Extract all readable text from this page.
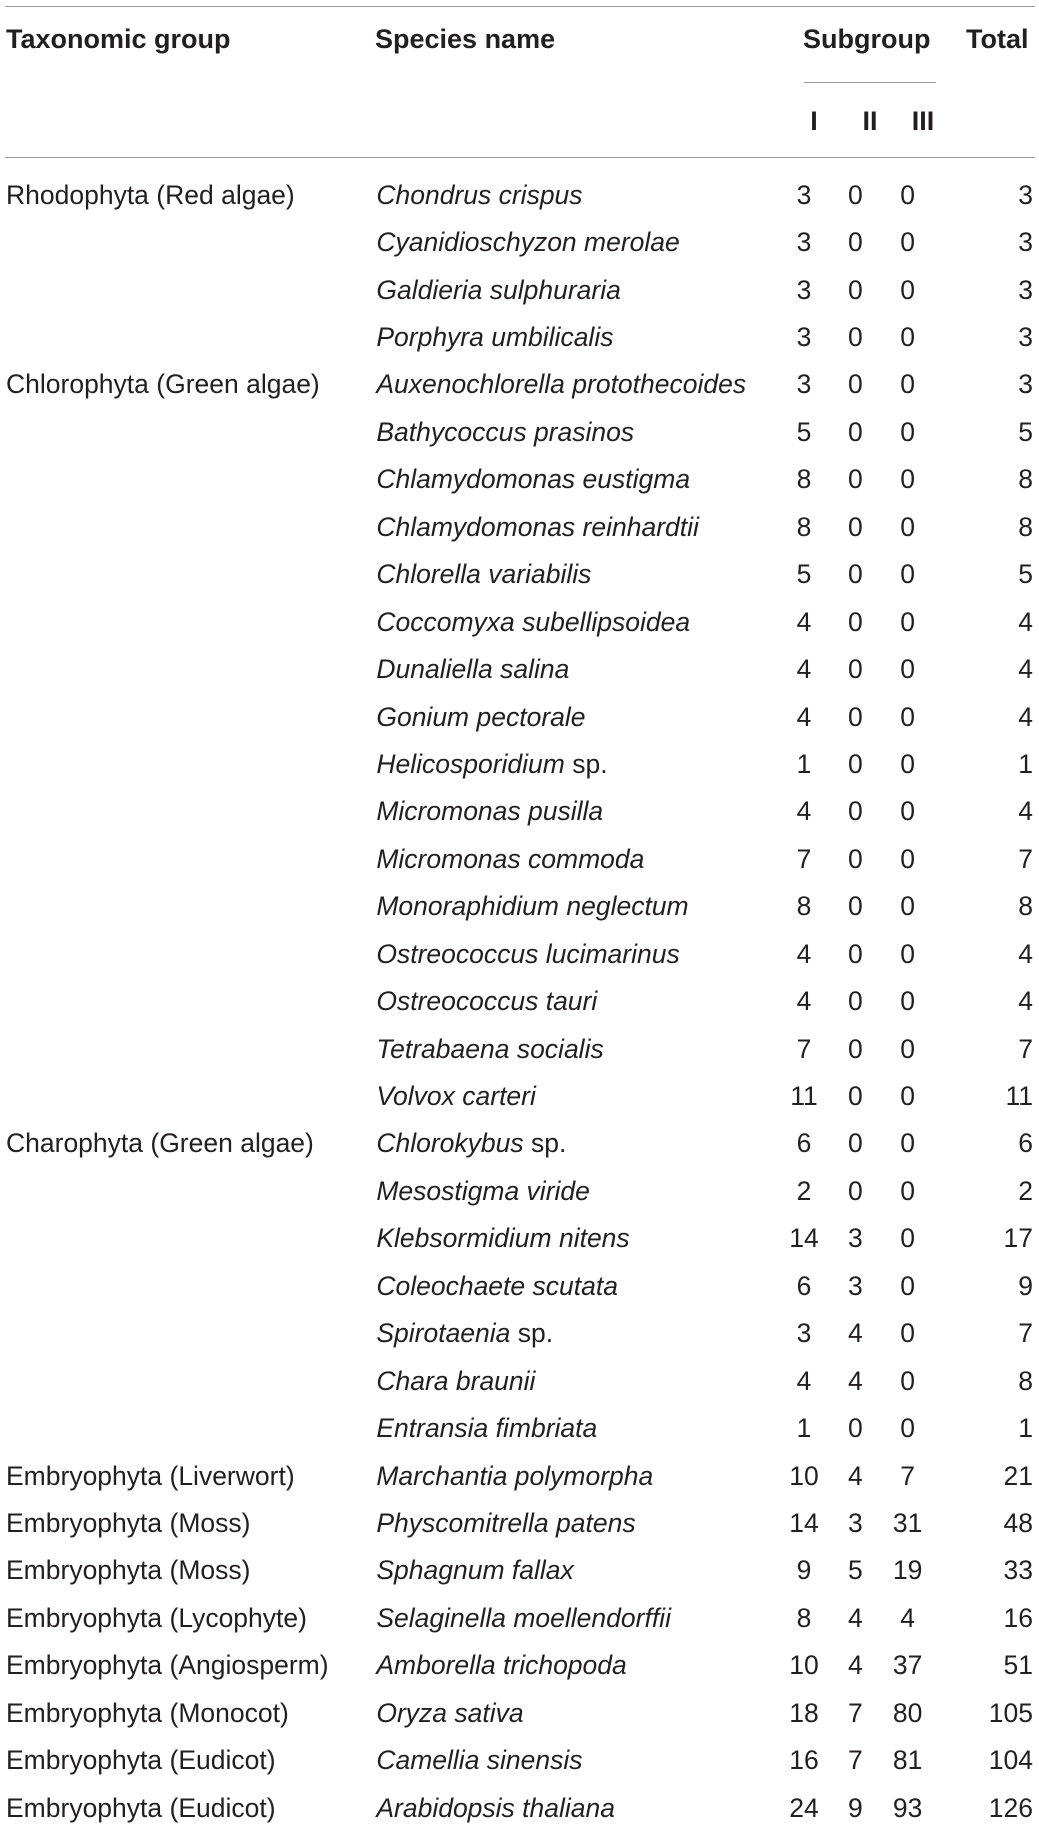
Taxonomic group	Species name	Subgroup Total
I II III
Rhodophyta (Red algae)	Chondrus crispus	3	0	0	3
	Cyanidioschyzon merolae	3	0	0	3
	Galdieria sulphuraria	3	0	0	3
	Porphyra umbilicalis	3	0	0	3
Chlorophyta (Green algae)	Auxenochlorella protothecoides	3	0	0	3
	Bathycoccus prasinos	5	0	0	5
	Chlamydomonas eustigma	8	0	0	8
	Chlamydomonas reinhardtii	8	0	0	8
	Chlorella variabilis	5	0	0	5
	Coccomyxa subellipsoidea	4	0	0	4
	Dunaliella salina	4	0	0	4
	Gonium pectorale	4	0	0	4
	Helicosporidium sp.	1	0	0	1
	Micromonas pusilla	4	0	0	4
	Micromonas commoda	7	0	0	7
	Monoraphidium neglectum	8	0	0	8
	Ostreococcus lucimarinus	4	0	0	4
	Ostreococcus tauri	4	0	0	4
	Tetrabaena socialis	7	0	0	7
	Volvox carteri	11	0	0	11
Charophyta (Green algae)	Chlorokybus sp.	6	0	0	6
	Mesostigma viride	2	0	0	2
	Klebsormidium nitens	14	3	0	17
	Coleochaete scutata	6	3	0	9
	Spirotaenia sp.	3	4	0	7
	Chara braunii	4	4	0	8
	Entransia fimbriata	1	0	0	1
Embryophyta (Liverwort)	Marchantia polymorpha	10	4	7	21
Embryophyta (Moss)	Physcomitrella patens	14	3	31	48
Embryophyta (Moss)	Sphagnum fallax	9	5	19	33
Embryophyta (Lycophyte)	Selaginella moellendorffii	8	4	4	16
Embryophyta (Angiosperm)	Amborella trichopoda	10	4	37	51
Embryophyta (Monocot)	Oryza sativa	18	7	80	105
Embryophyta (Eudicot)	Camellia sinensis	16	7	81	104
Embryophyta (Eudicot)	Arabidopsis thaliana	24	9	93	126
